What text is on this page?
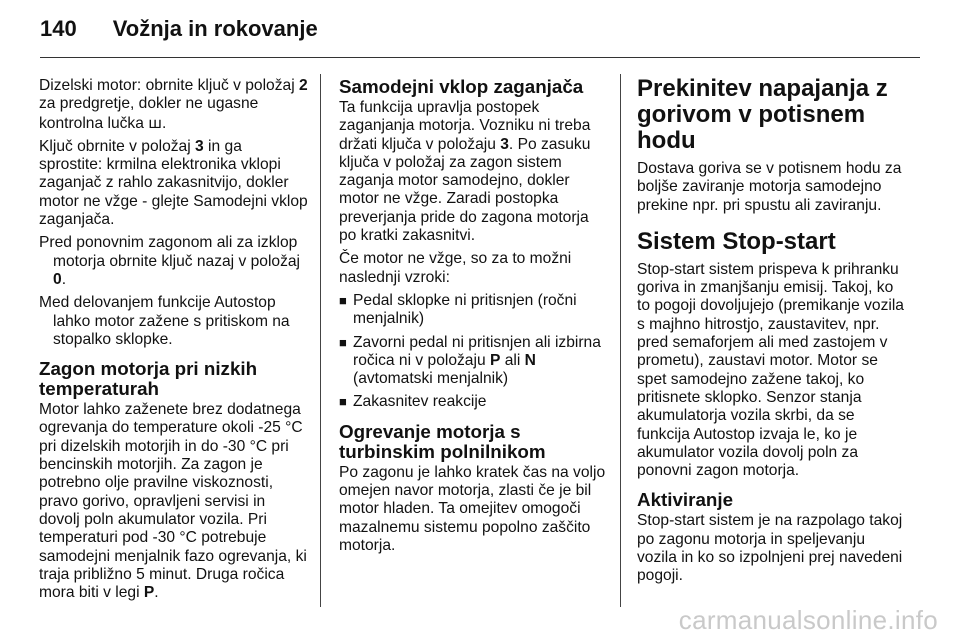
140 Vožnja in rokovanje

Dizelski motor: obrnite ključ v položaj 2 za predgretje, dokler ne ugasne kontrolna lučka ꟺ.

Ključ obrnite v položaj 3 in ga sprostite: krmilna elektronika vklopi zaganjač z rahlo zakasnitvijo, dokler motor ne vžge - glejte Samodejni vklop zaganjača.

Pred ponovnim zagonom ali za izklop motorja obrnite ključ nazaj v položaj 0.

Med delovanjem funkcije Autostop lahko motor zažene s pritiskom na stopalko sklopke.

Zagon motorja pri nizkih temperaturah

Motor lahko zaženete brez dodatnega ogrevanja do temperature okoli -25 °C pri dizelskih motorjih in do -30 °C pri bencinskih motorjih. Za zagon je potrebno olje pravilne viskoznosti, pravo gorivo, opravljeni servisi in dovolj poln akumulator vozila. Pri temperaturi pod -30 °C potrebuje samodejni menjalnik fazo ogrevanja, ki traja približno 5 minut. Druga ročica mora biti v legi P.

Samodejni vklop zaganjača

Ta funkcija upravlja postopek zaganjanja motorja. Vozniku ni treba držati ključa v položaju 3. Po zasuku ključa v položaj za zagon sistem zaganja motor samodejno, dokler motor ne vžge. Zaradi postopka preverjanja pride do zagona motorja po kratki zakasnitvi.

Če motor ne vžge, so za to možni naslednji vzroki:

■ Pedal sklopke ni pritisnjen (ročni menjalnik)
■ Zavorni pedal ni pritisnjen ali izbirna ročica ni v položaju P ali N (avtomatski menjalnik)
■ Zakasnitev reakcije
Ogrevanje motorja s turbinskim polnilnikom

Po zagonu je lahko kratek čas na voljo omejen navor motorja, zlasti če je bil motor hladen. Ta omejitev omogoči mazalnemu sistemu popolno zaščito motorja.

Prekinitev napajanja z gorivom v potisnem hodu

Dostava goriva se v potisnem hodu za boljše zaviranje motorja samodejno prekine npr. pri spustu ali zaviranju.

Sistem Stop-start

Stop-start sistem prispeva k prihranku goriva in zmanjšanju emisij. Takoj, ko to pogoji dovoljujejo (premikanje vozila s majhno hitrostjo, zaustavitev, npr. pred semaforjem ali med zastojem v prometu), zaustavi motor. Motor se spet samodejno zažene takoj, ko pritisnete sklopko. Senzor stanja akumulatorja vozila skrbi, da se funkcija Autostop izvaja le, ko je akumulator vozila dovolj poln za ponovni zagon motorja.

Aktiviranje

Stop-start sistem je na razpolago takoj po zagonu motorja in speljevanju vozila in ko so izpolnjeni prej navedeni pogoji.

carmanualsonline.info
